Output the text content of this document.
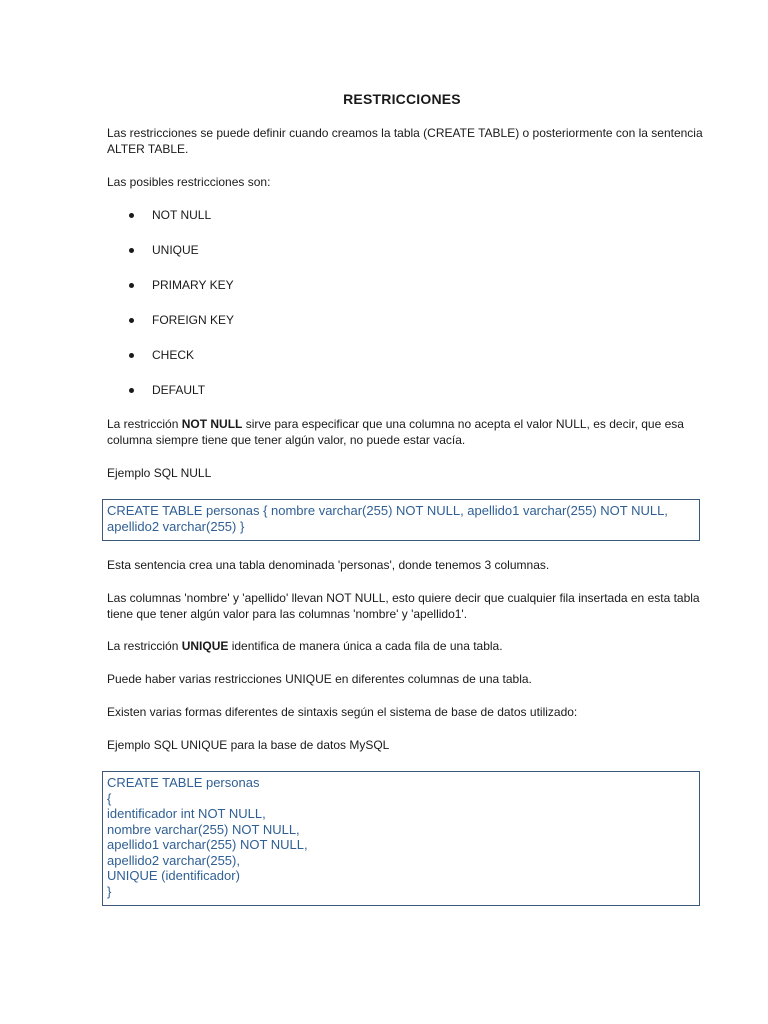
RESTRICCIONES

Las restricciones se puede definir cuando creamos la tabla (CREATE TABLE) o posteriormente con la sentencia ALTER TABLE.

Las posibles restricciones son:

NOT NULL
UNIQUE
PRIMARY KEY
FOREIGN KEY
CHECK
DEFAULT

La restricción NOT NULL sirve para especificar que una columna no acepta el valor NULL, es decir, que esa columna siempre tiene que tener algún valor, no puede estar vacía.

Ejemplo SQL NULL

CREATE TABLE personas { nombre varchar(255) NOT NULL, apellido1 varchar(255) NOT NULL, apellido2 varchar(255) }

Esta sentencia crea una tabla denominada 'personas', donde tenemos 3 columnas.

Las columnas 'nombre' y 'apellido' llevan NOT NULL, esto quiere decir que cualquier fila insertada en esta tabla tiene que tener algún valor para las columnas 'nombre' y 'apellido1'.

La restricción UNIQUE identifica de manera única a cada fila de una tabla.

Puede haber varias restricciones UNIQUE en diferentes columnas de una tabla.

Existen varias formas diferentes de sintaxis según el sistema de base de datos utilizado:

Ejemplo SQL UNIQUE para la base de datos MySQL

CREATE TABLE personas
{
identificador int NOT NULL,
nombre varchar(255) NOT NULL,
apellido1 varchar(255) NOT NULL,
apellido2 varchar(255),
UNIQUE (identificador)
}
